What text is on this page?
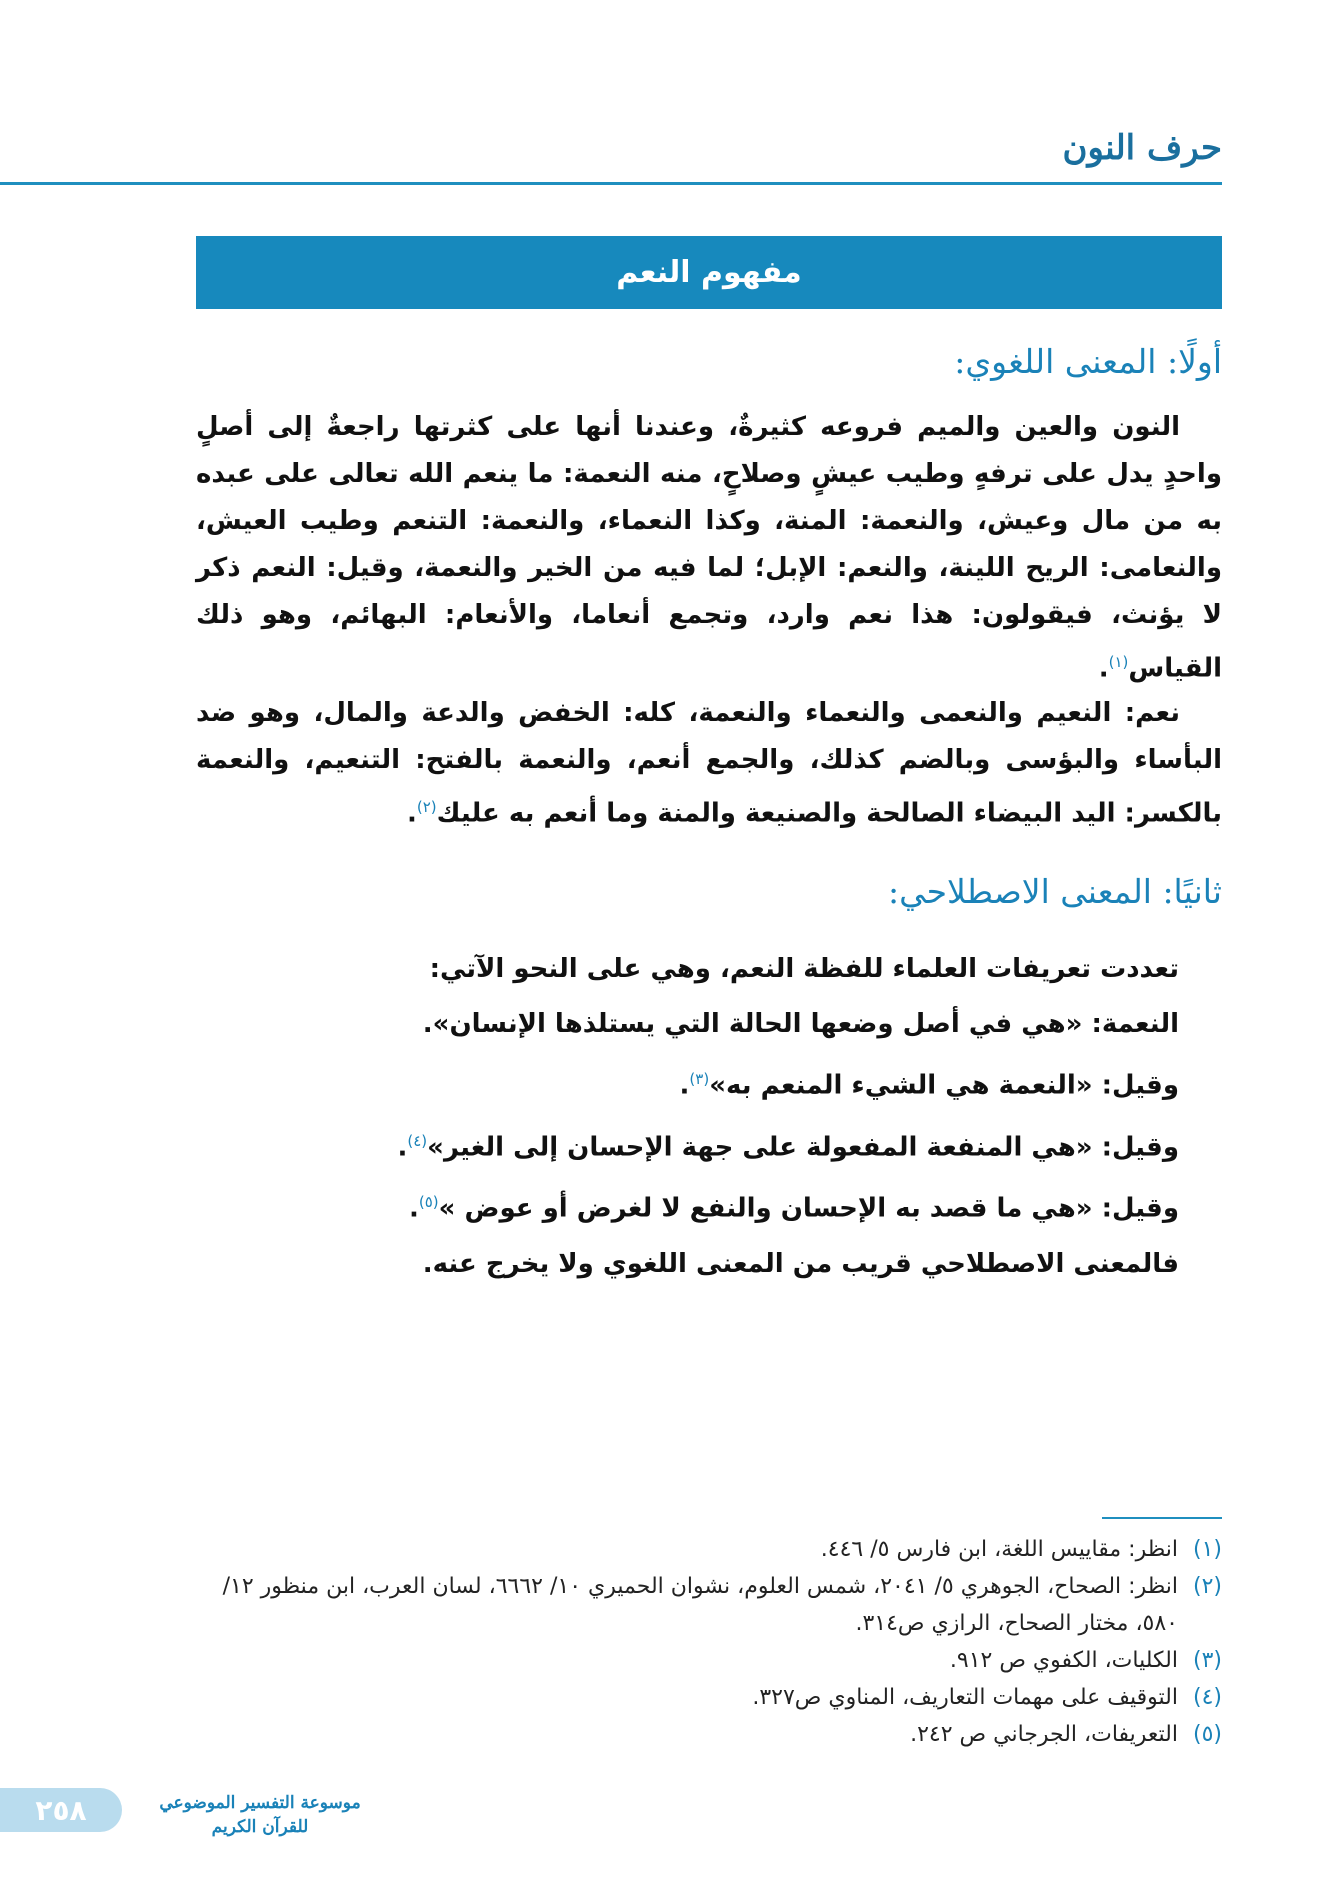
حرف النون
مفهوم النعم
أولًا: المعنى اللغوي:

النون والعين والميم فروعه كثيرةٌ، وعندنا أنها على كثرتها راجعةٌ إلى أصلٍ واحدٍ يدل على ترفهٍ وطيب عيشٍ وصلاحٍ، منه النعمة: ما ينعم الله تعالى على عبده به من مال وعيش، والنعمة: المنة، وكذا النعماء، والنعمة: التنعم وطيب العيش، والنعامى: الريح اللينة، والنعم: الإبل؛ لما فيه من الخير والنعمة، وقيل: النعم ذكر لا يؤنث، فيقولون: هذا نعم وارد، وتجمع أنعاما، والأنعام: البهائم، وهو ذلك القياس$^{(١)}$.

نعم: النعيم والنعمى والنعماء والنعمة، كله: الخفض والدعة والمال، وهو ضد البأساء والبؤسى وبالضم كذلك، والجمع أنعم، والنعمة بالفتح: التنعيم، والنعمة بالكسر: اليد البيضاء الصالحة والصنيعة والمنة وما أنعم به عليك$^{(٢)}$.

ثانيًا: المعنى الاصطلاحي:
تعددت تعريفات العلماء للفظة النعم، وهي على النحو الآتي:
النعمة: «هي في أصل وضعها الحالة التي يستلذها الإنسان».
وقيل: «النعمة هي الشيء المنعم به»$^{(٣)}$.
وقيل: «هي المنفعة المفعولة على جهة الإحسان إلى الغير»$^{(٤)}$.
وقيل: «هي ما قصد به الإحسان والنفع لا لغرض أو عوض »$^{(٥)}$.
فالمعنى الاصطلاحي قريب من المعنى اللغوي ولا يخرج عنه.
(١)
انظر: مقاييس اللغة، ابن فارس ٥/ ٤٤٦.
(٢)
انظر: الصحاح، الجوهري ٥/ ٢٠٤١، شمس العلوم، نشوان الحميري ١٠/ ٦٦٦٢، لسان العرب، ابن منظور ١٢/ ٥٨٠، مختار الصحاح، الرازي ص٣١٤.
(٣)
الكليات، الكفوي ص ٩١٢.
(٤)
التوقيف على مهمات التعاريف، المناوي ص٣٢٧.
(٥)
التعريفات، الجرجاني ص ٢٤٢.
٢٥٨	موسوعة التفسير الموضوعي للقرآن الكريم
